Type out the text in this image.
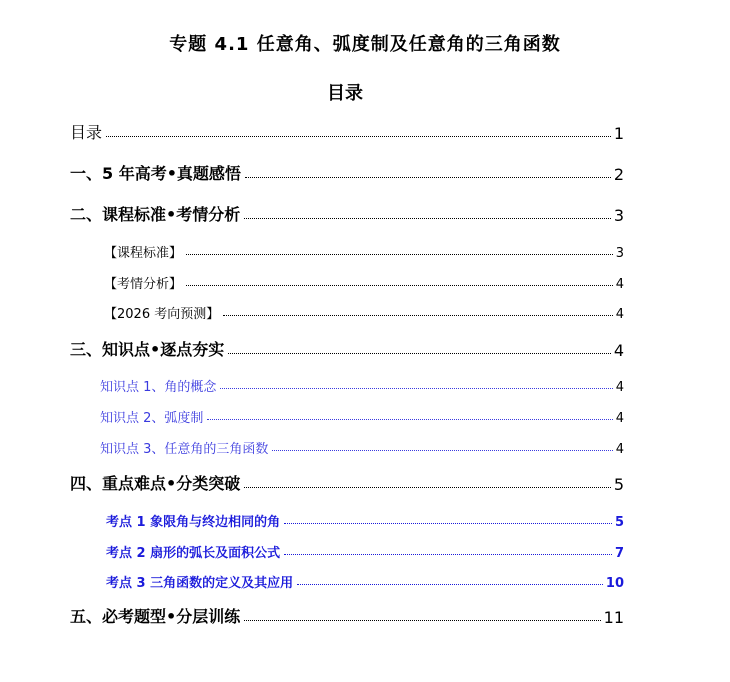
专题 4.1 任意角、弧度制及任意角的三角函数
目录
目录	1
一、5 年高考•真题感悟	2
二、课程标准•考情分析	3
【课程标准】	3
【考情分析】	4
【2026 考向预测】	4
三、知识点•逐点夯实	4
知识点 1、角的概念	4
知识点 2、弧度制	4
知识点 3、任意角的三角函数	4
四、重点难点•分类突破	5
考点 1 象限角与终边相同的角	5
考点 2 扇形的弧长及面积公式	7
考点 3 三角函数的定义及其应用	10
五、必考题型•分层训练	11
